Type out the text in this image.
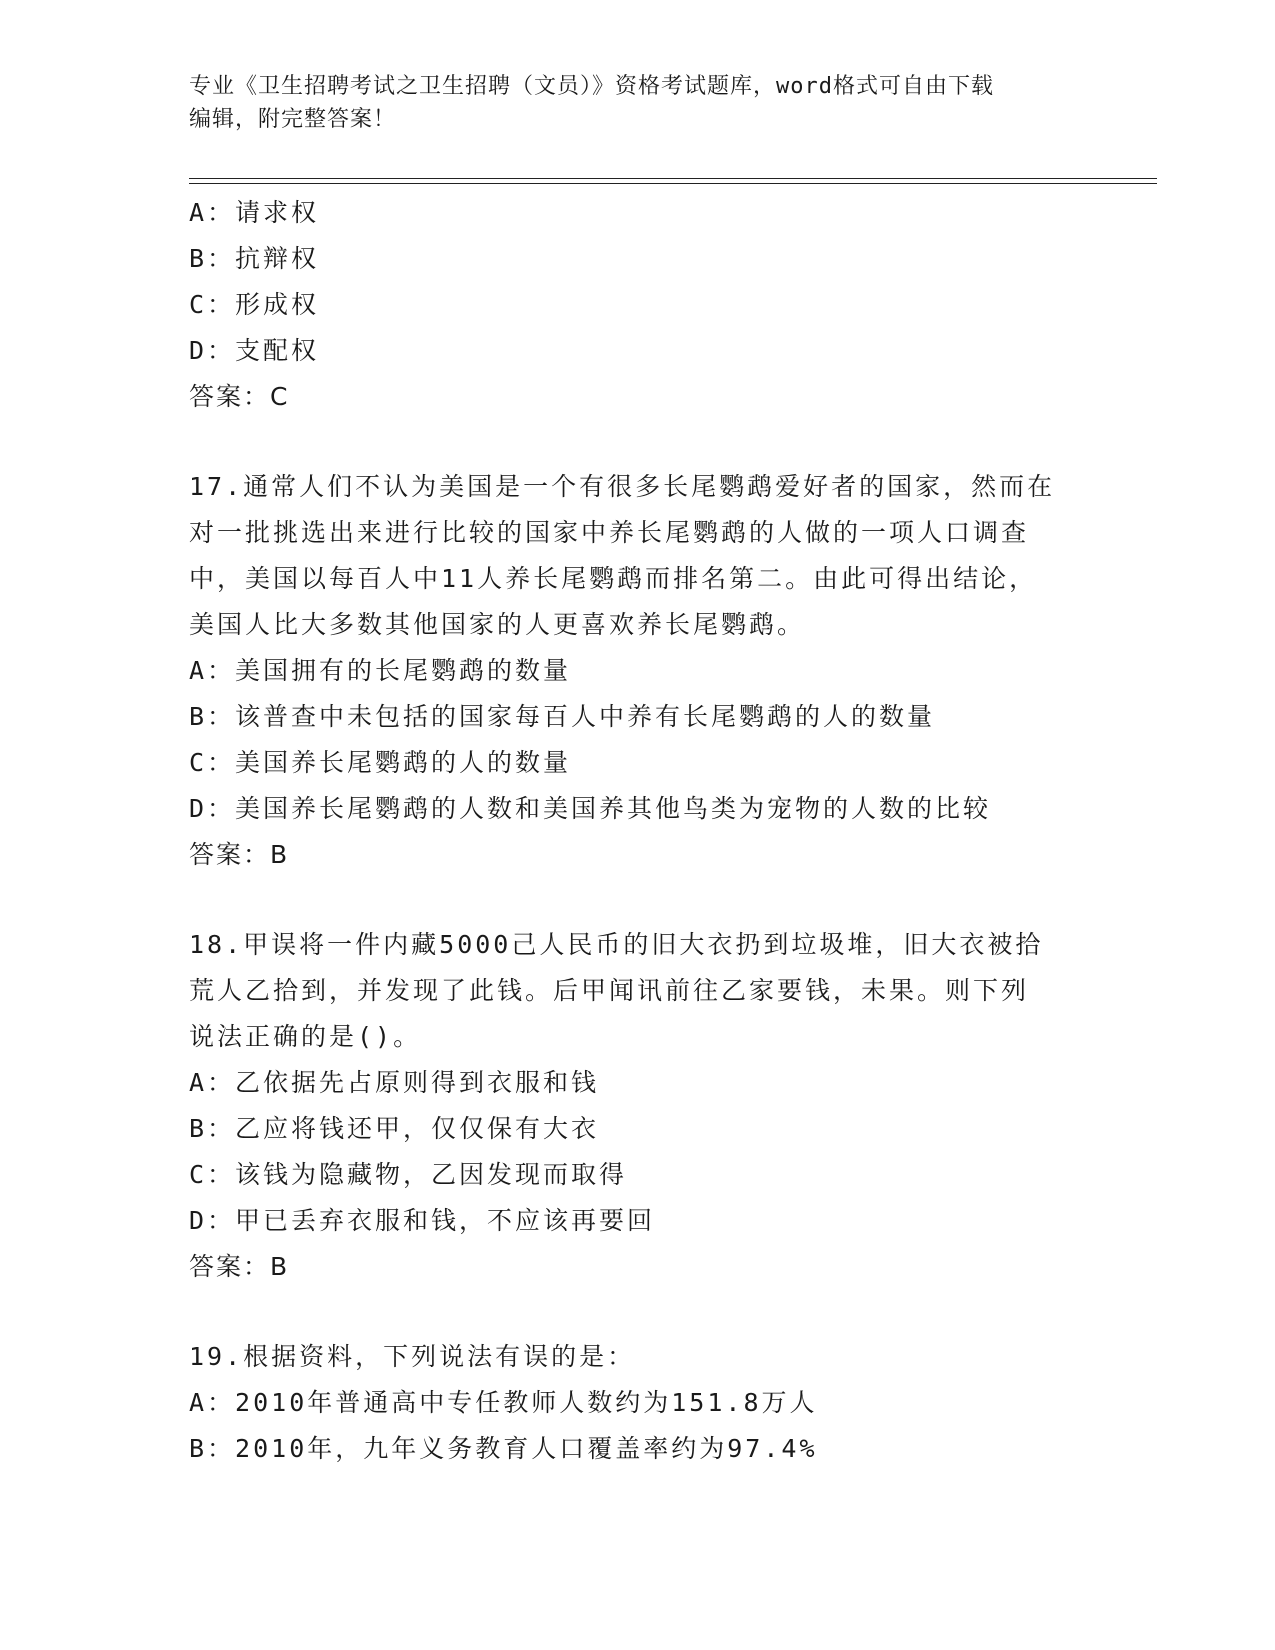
专业《卫生招聘考试之卫生招聘（文员）》资格考试题库，word格式可自由下载
编辑，附完整答案！
A：请求权
B：抗辩权
C：形成权
D：支配权
答案：C
17.通常人们不认为美国是一个有很多长尾鹦鹉爱好者的国家，然而在
对一批挑选出来进行比较的国家中养长尾鹦鹉的人做的一项人口调查
中，美国以每百人中11人养长尾鹦鹉而排名第二。由此可得出结论，
美国人比大多数其他国家的人更喜欢养长尾鹦鹉。
A：美国拥有的长尾鹦鹉的数量
B：该普查中未包括的国家每百人中养有长尾鹦鹉的人的数量
C：美国养长尾鹦鹉的人的数量
D：美国养长尾鹦鹉的人数和美国养其他鸟类为宠物的人数的比较
答案：B
18.甲误将一件内藏5000己人民币的旧大衣扔到垃圾堆，旧大衣被拾
荒人乙拾到，并发现了此钱。后甲闻讯前往乙家要钱，未果。则下列
说法正确的是()。
A：乙依据先占原则得到衣服和钱
B：乙应将钱还甲，仅仅保有大衣
C：该钱为隐藏物，乙因发现而取得
D：甲已丢弃衣服和钱，不应该再要回
答案：B
19.根据资料，下列说法有误的是：
A：2010年普通高中专任教师人数约为151.8万人
B：2010年，九年义务教育人口覆盖率约为97.4%
